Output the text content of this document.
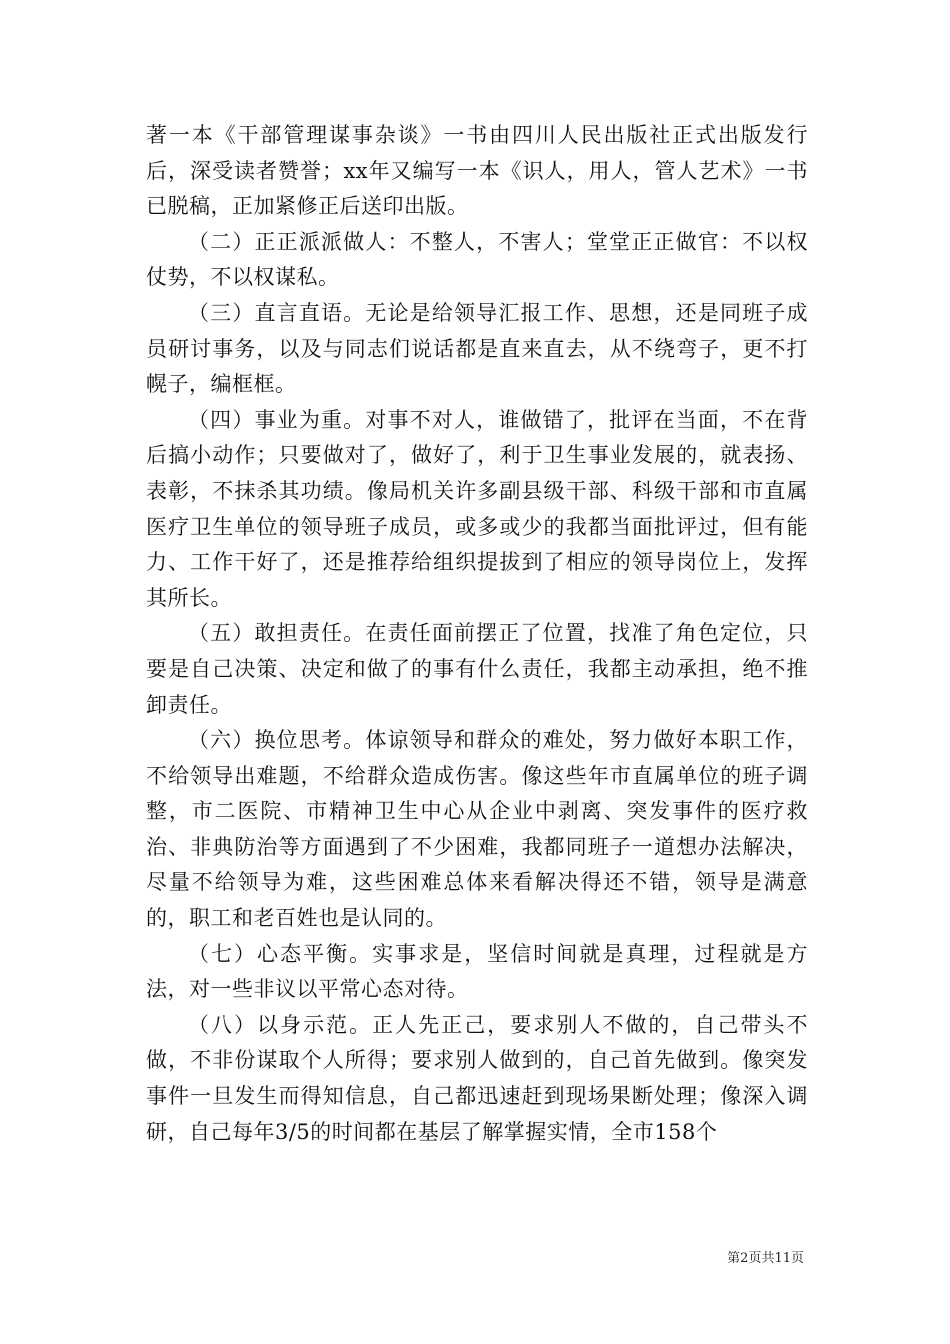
著一本《干部管理谋事杂谈》一书由四川人民出版社正式出版发行后，深受读者赞誉；xx年又编写一本《识人，用人，管人艺术》一书已脱稿，正加紧修正后送印出版。

（二）正正派派做人：不整人，不害人；堂堂正正做官：不以权仗势，不以权谋私。

（三）直言直语。无论是给领导汇报工作、思想，还是同班子成员研讨事务，以及与同志们说话都是直来直去，从不绕弯子，更不打幌子，编框框。

（四）事业为重。对事不对人，谁做错了，批评在当面，不在背后搞小动作；只要做对了，做好了，利于卫生事业发展的，就表扬、表彰，不抹杀其功绩。像局机关许多副县级干部、科级干部和市直属医疗卫生单位的领导班子成员，或多或少的我都当面批评过，但有能力、工作干好了，还是推荐给组织提拔到了相应的领导岗位上，发挥其所长。

（五）敢担责任。在责任面前摆正了位置，找准了角色定位，只要是自己决策、决定和做了的事有什么责任，我都主动承担，绝不推卸责任。

（六）换位思考。体谅领导和群众的难处，努力做好本职工作，不给领导出难题，不给群众造成伤害。像这些年市直属单位的班子调整，市二医院、市精神卫生中心从企业中剥离、突发事件的医疗救治、非典防治等方面遇到了不少困难，我都同班子一道想办法解决，尽量不给领导为难，这些困难总体来看解决得还不错，领导是满意的，职工和老百姓也是认同的。

（七）心态平衡。实事求是，坚信时间就是真理，过程就是方法，对一些非议以平常心态对待。

（八）以身示范。正人先正己，要求别人不做的，自己带头不做，不非份谋取个人所得；要求别人做到的，自己首先做到。像突发事件一旦发生而得知信息，自己都迅速赶到现场果断处理；像深入调研，自己每年3/5的时间都在基层了解掌握实情，全市158个

第2页共11页
